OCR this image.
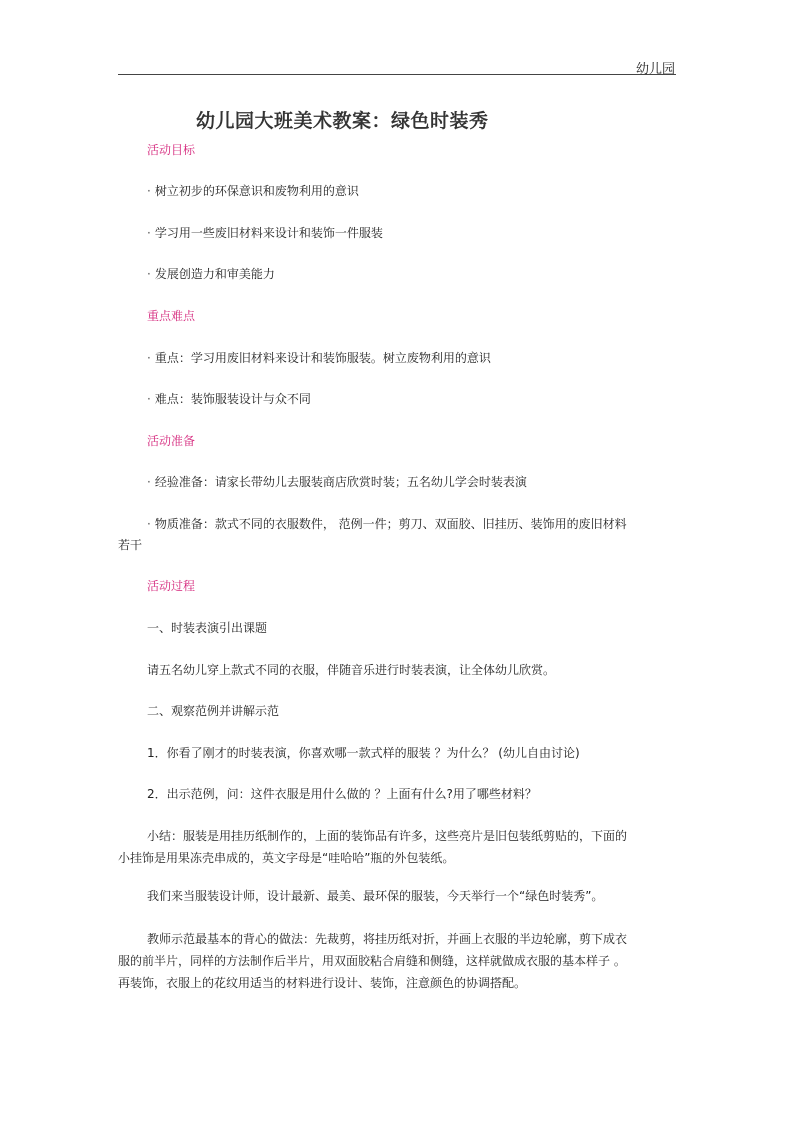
幼儿园
幼儿园大班美术教案：绿色时装秀
活动目标
· 树立初步的环保意识和废物利用的意识
· 学习用一些废旧材料来设计和装饰一件服装
· 发展创造力和审美能力
重点难点
· 重点：学习用废旧材料来设计和装饰服装。树立废物利用的意识
· 难点：装饰服装设计与众不同
活动准备
· 经验准备：请家长带幼儿去服装商店欣赏时装；五名幼儿学会时装表演
· 物质准备：款式不同的衣服数件， 范例一件；剪刀、双面胶、旧挂历、装饰用的废旧材料
若干
活动过程
一、时装表演引出课题
请五名幼儿穿上款式不同的衣服，伴随音乐进行时装表演，让全体幼儿欣赏。
二、观察范例并讲解示范
1．你看了刚才的时装表演，你喜欢哪一款式样的服装 ？为什么？ (幼儿自由讨论)
2．出示范例，问：这件衣服是用什么做的 ？上面有什么?用了哪些材料？
小结：服装是用挂历纸制作的，上面的装饰品有许多，这些亮片是旧包装纸剪贴的，下面的
小挂饰是用果冻壳串成的，英文字母是“哇哈哈”瓶的外包装纸。
我们来当服装设计师，设计最新、最美、最环保的服装，今天举行一个“绿色时装秀”。
教师示范最基本的背心的做法：先裁剪，将挂历纸对折，并画上衣服的半边轮廓，剪下成衣
服的前半片，同样的方法制作后半片，用双面胶粘合肩缝和侧缝，这样就做成衣服的基本样子 。
再装饰，衣服上的花纹用适当的材料进行设计、装饰，注意颜色的协调搭配。
